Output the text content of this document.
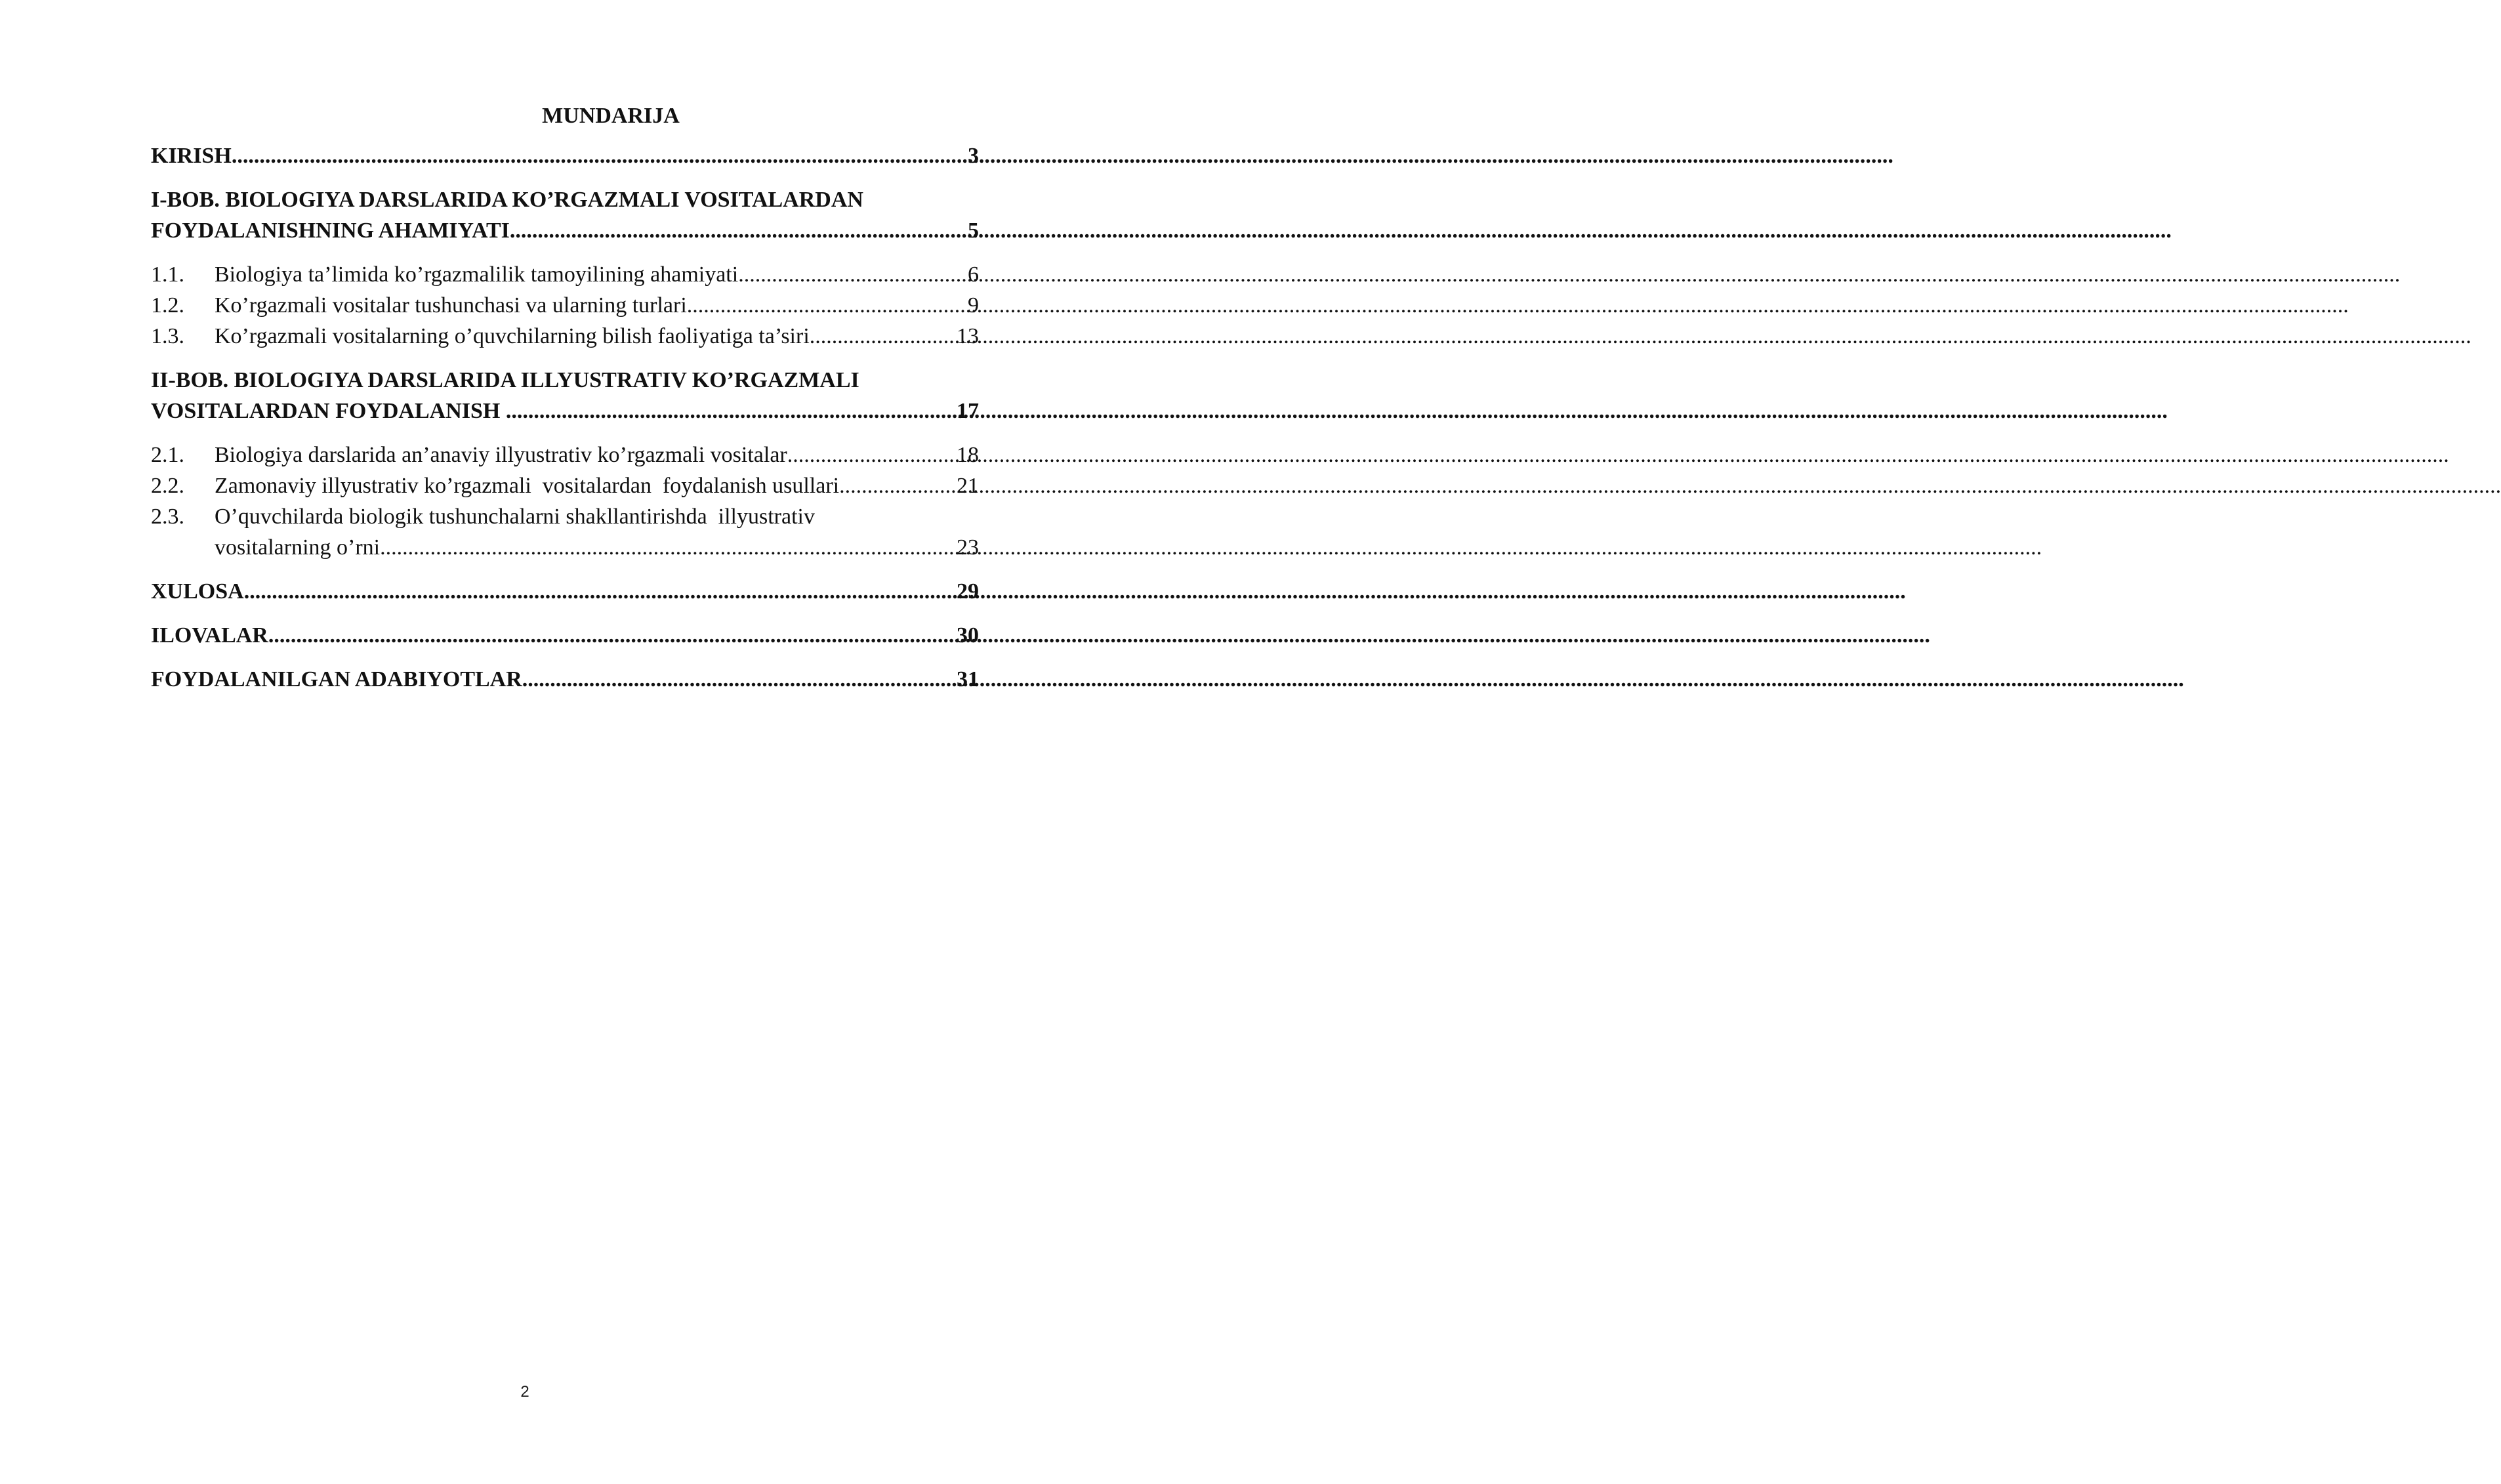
MUNDARIJA
KIRISH .....	3
I-BOB. BIOLOGIYA DARSLARIDA KO’RGAZMALI VOSITALARDAN
FOYDALANISHNING AHAMIYATI .....	5
1.1.	Biologiya ta’limida ko’rgazmalilik tamoyilining ahamiyati .....	6
1.2.	Ko’rgazmali vositalar tushunchasi va ularning turlari .....	9
1.3.	Ko’rgazmali vositalarning o’quvchilarning bilish faoliyatiga ta’siri .....	13
II-BOB. BIOLOGIYA DARSLARIDA ILLYUSTRATIV KO’RGAZMALI
VOSITALARDAN FOYDALANISH .....	17
2.1.	Biologiya darslarida an’anaviy illyustrativ ko’rgazmali vositalar .....	18
2.2.	Zamonaviy illyustrativ ko’rgazmali  vositalardan  foydalanish usullari .....	21
2.3.	O’quvchilarda biologik tushunchalarni shakllantirishda  illyustrativ
vositalarning o’rni .....	23
XULOSA .....	29
ILOVALAR .....	30
FOYDALANILGAN ADABIYOTLAR .....	31
2
